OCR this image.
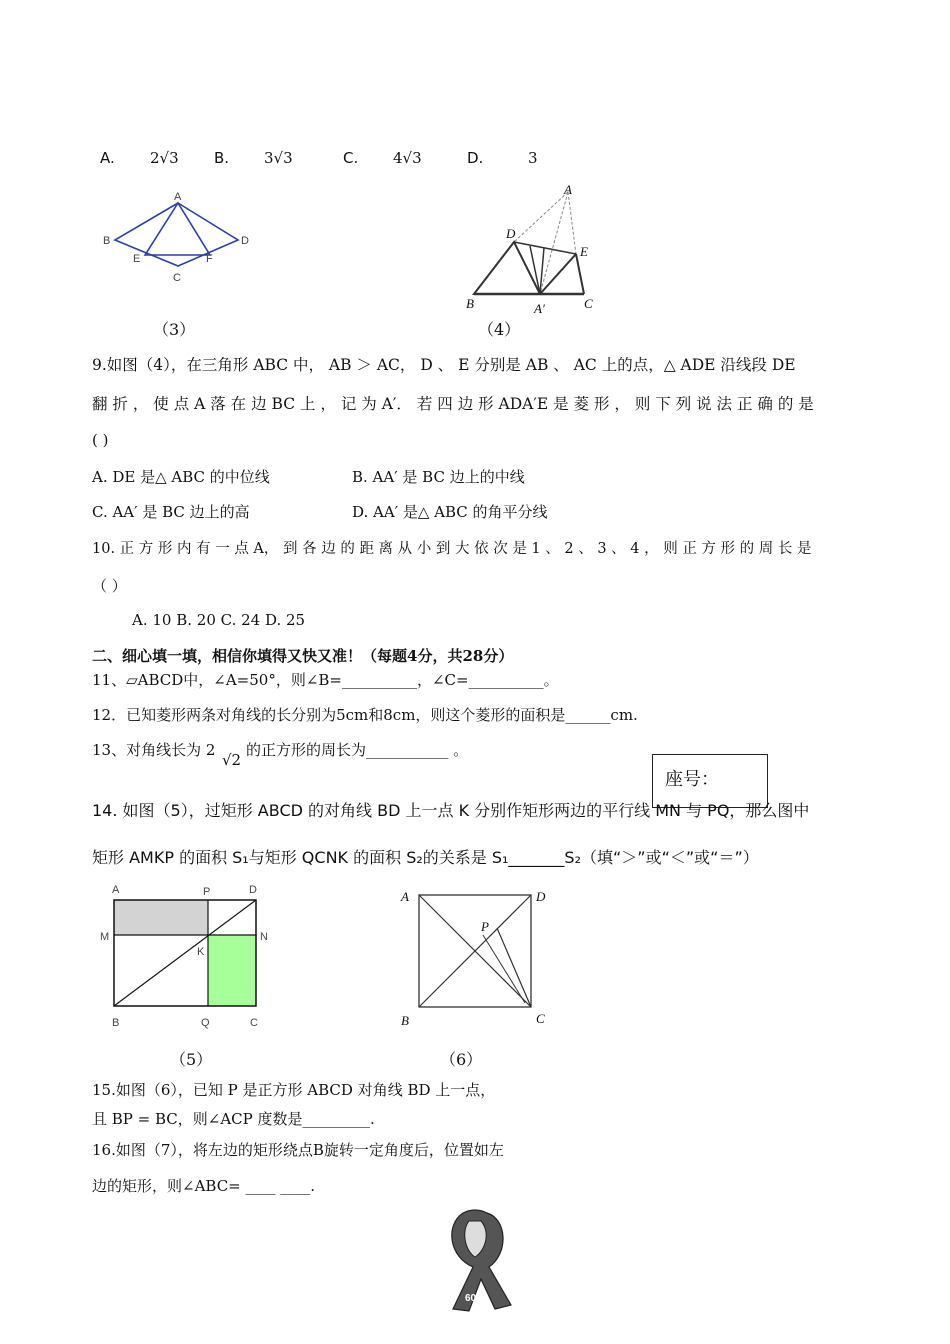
A. 2√3 B. 3√3	C. 4√3	D.	3
A
B	D
E	F
C
（3）
A
D
E
B	A′	C
（4）
9.如图（4），在三角形 ABC 中， AB ＞ AC， D 、 E 分别是 AB 、 AC 上的点，△ ADE 沿线段 DE
翻 折 ， 使 点 A 落 在 边 BC 上 ， 记 为 A′． 若 四 边 形 ADA′E 是 菱 形 ， 则 下 列 说 法 正 确 的 是
( )
A. DE 是△ ABC 的中位线	B. AA′ 是 BC 边上的中线
C. AA′ 是 BC 边上的高	D. AA′ 是△ ABC 的角平分线
10. 正 方 形 内 有 一 点 A， 到 各 边 的 距 离 从 小 到 大 依 次 是 1 、 2 、 3 、 4 ， 则 正 方 形 的 周 长 是
（ ）
A. 10 B. 20 C. 24 D. 25
二、细心填一填，相信你填得又快又准！（每题4分，共28分）
11、▱ABCD中，∠A=50°，则∠B=__________，∠C=__________。
12．已知菱形两条对角线的长分别为5cm和8cm，则这个菱形的面积是______cm.
13、对角线长为 2
√2
的正方形的周长为___________ 。
座号：
14. 如图（5），过矩形 ABCD 的对角线 BD 上一点 K 分别作矩形两边的平行线 MN 与 PQ，那么图中
矩形 AMKP 的面积 S₁与矩形 QCNK 的面积 S₂的关系是 S₁_______S₂（填“＞”或“＜”或“＝”）
A	P	D
M	N
K
B	Q	C
（5）
A	D
P
B	C
（6）
15.如图（6），已知 P 是正方形 ABCD 对角线 BD 上一点，
且 BP = BC，则∠ACP 度数是_________.
16.如图（7），将左边的矩形绕点B旋转一定角度后，位置如左
边的矩形，则∠ABC= ____ ____.
60°
